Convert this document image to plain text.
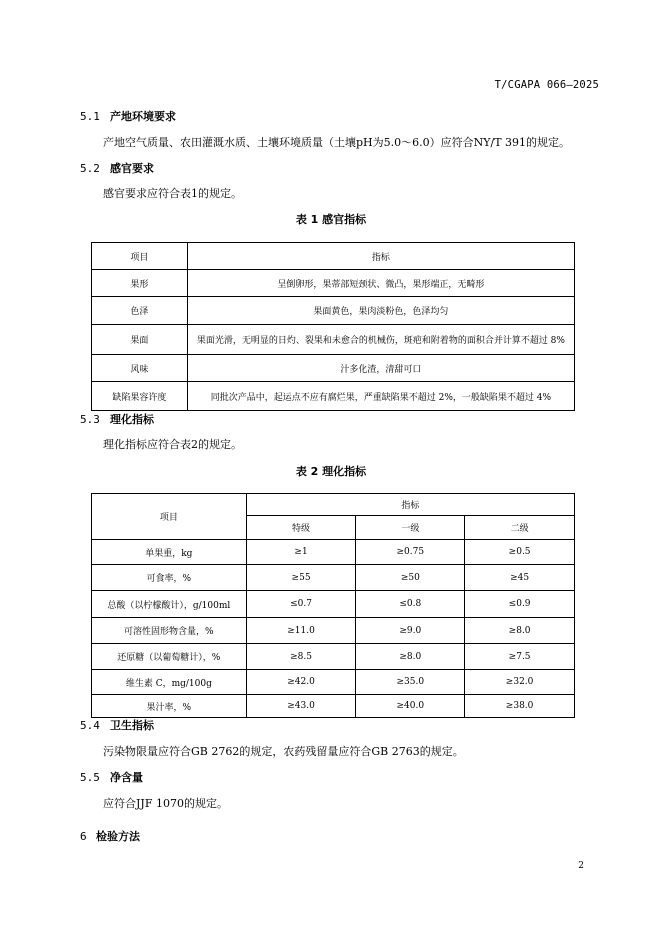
T/CGAPA 066—2025
5.1 产地环境要求
产地空气质量、农田灌溉水质、土壤环境质量（土壤pH为5.0～6.0）应符合NY/T 391的规定。
5.2 感官要求
感官要求应符合表1的规定。
表 1 感官指标
项目	指标
果形	呈倒卵形，果蒂部短颈状、微凸，果形端正，无畸形
色泽	果面黄色，果肉淡粉色，色泽均匀
果面	果面光滑，无明显的日灼、裂果和未愈合的机械伤，斑疤和附着物的面积合并计算不超过 8%
风味	汁多化渣，清甜可口
缺陷果容许度	同批次产品中，起运点不应有腐烂果，严重缺陷果不超过 2%，一般缺陷果不超过 4%
5.3 理化指标
理化指标应符合表2的规定。
表 2 理化指标
项目	指标		
	特级	一级	二级
单果重，kg	≥1	≥0.75	≥0.5
可食率，%	≥55	≥50	≥45
总酸（以柠檬酸计），g/100ml	≤0.7	≤0.8	≤0.9
可溶性固形物含量，%	≥11.0	≥9.0	≥8.0
还原糖（以葡萄糖计），%	≥8.5	≥8.0	≥7.5
维生素 C，mg/100g	≥42.0	≥35.0	≥32.0
果汁率，%	≥43.0	≥40.0	≥38.0
5.4 卫生指标
污染物限量应符合GB 2762的规定，农药残留量应符合GB 2763的规定。
5.5 净含量
应符合JJF 1070的规定。
6 检验方法
2
